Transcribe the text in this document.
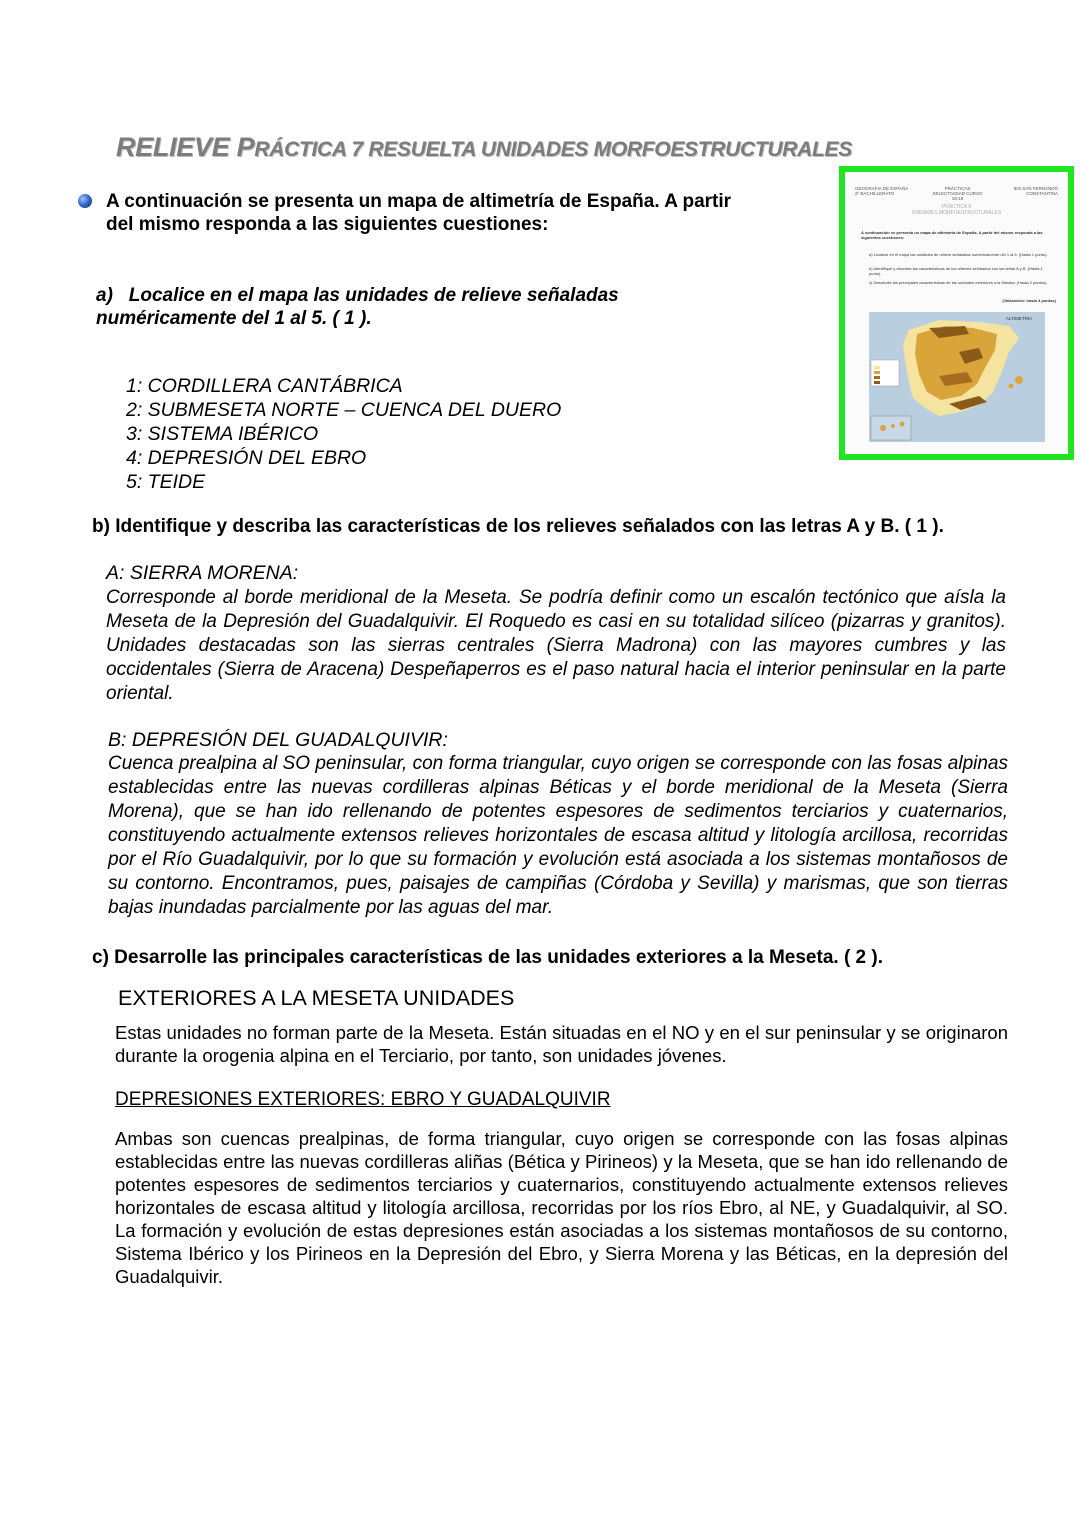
RELIEVE PRÁCTICA 7 RESUELTA UNIDADES MORFOESTRUCTURALES
A continuación se presenta un mapa de altimetría de España. A partir
del mismo responda a las siguientes cuestiones:
a)   Localice en el mapa las unidades de relieve señaladas
numéricamente del 1 al 5. ( 1 ).
1: CORDILLERA CANTÁBRICA
2: SUBMESETA NORTE – CUENCA DEL DUERO
3: SISTEMA IBÉRICO
4: DEPRESIÓN DEL EBRO
5: TEIDE
b) Identifique y describa las características de los relieves señalados con las letras A y B. ( 1 ).
A: SIERRA MORENA:
Corresponde al borde meridional de la Meseta. Se podría definir como un escalón tectónico que aísla la Meseta de la Depresión del Guadalquivir. El Roquedo es casi en su totalidad silíceo (pizarras y granitos). Unidades destacadas son las sierras centrales (Sierra Madrona) con las mayores cumbres y las occidentales (Sierra de Aracena) Despeñaperros es el paso natural hacia el interior peninsular en la parte oriental.
B: DEPRESIÓN DEL GUADALQUIVIR:
Cuenca prealpina al SO peninsular, con forma triangular, cuyo origen se corresponde con las fosas alpinas establecidas entre las nuevas cordilleras alpinas Béticas y el borde meridional de la Meseta (Sierra Morena), que se han ido rellenando de potentes espesores de sedimentos terciarios y cuaternarios, constituyendo actualmente extensos relieves horizontales de escasa altitud y litología arcillosa, recorridas por el Río Guadalquivir, por lo que su formación y evolución está asociada a los sistemas montañosos de su contorno. Encontramos, pues, paisajes de campiñas (Córdoba y Sevilla) y marismas, que son tierras bajas inundadas parcialmente por las aguas del mar.
c) Desarrolle las principales características de las unidades exteriores a la Meseta. ( 2 ).
EXTERIORES A LA MESETA UNIDADES
Estas unidades no forman parte de la Meseta. Están situadas en el NO y en el sur peninsular y se originaron durante la orogenia alpina en el Terciario, por tanto, son unidades jóvenes.
DEPRESIONES EXTERIORES: EBRO Y GUADALQUIVIR
Ambas son cuencas prealpinas, de forma triangular, cuyo origen se corresponde con las fosas alpinas establecidas entre las nuevas cordilleras aliñas (Bética y Pirineos) y la Meseta, que se han ido rellenando de potentes espesores de sedimentos terciarios y cuaternarios, constituyendo actualmente extensos relieves horizontales de escasa altitud y litología arcillosa, recorridas por los ríos Ebro, al NE, y Guadalquivir, al SO. La formación y evolución de estas depresiones están asociadas a los sistemas montañosos de su contorno, Sistema Ibérico y los Pirineos en la Depresión del Ebro, y Sierra Morena y las Béticas, en la depresión del Guadalquivir.
GEOGRAFÍA DE ESPAÑA 2º BACHILLERATO
PRÁCTICAS SELECTIVIDAD CURSO 18-19
IES SAN FERNANDO CONSTANTINA
PRÁCTICA 9
UNIDADES MORFOESTRUCTURALES
A continuación se presenta un mapa de altimetría de España. A partir del mismo responda a las siguientes cuestiones:
a) Localice en el mapa las unidades de relieve señaladas numéricamente del 1 al 5. (Hasta 1 punto).
b) Identifique y describa las características de los relieves señalados con las letras A y B. (Hasta 1 punto).
c) Desarrolle las principales características de las unidades exteriores a la Meseta. (Hasta 2 puntos).
(Valoración: hasta 4 puntos)
ALTIMETRÍA
